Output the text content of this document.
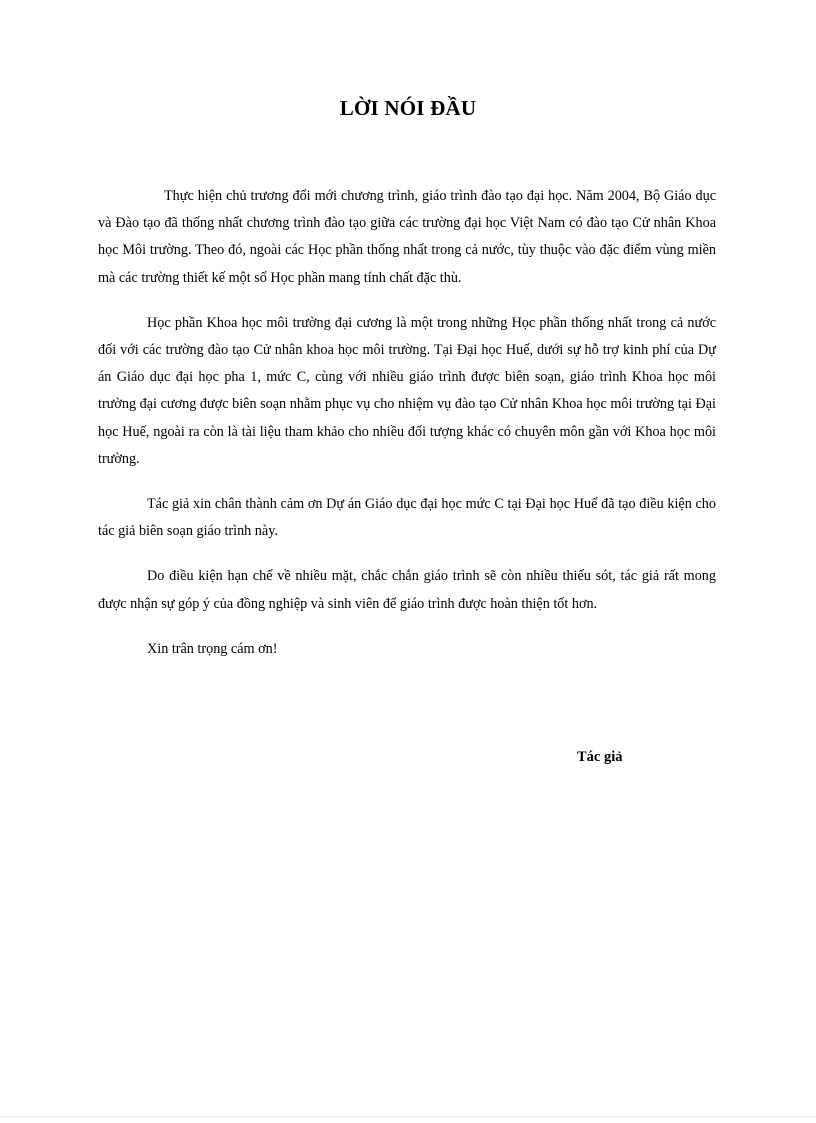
LỜI NÓI ĐẦU

Thực hiện chủ trương đổi mới chương trình, giáo trình đào tạo đại học. Năm 2004, Bộ Giáo dục và Đào tạo đã thống nhất chương trình đào tạo giữa các trường đại học Việt Nam có đào tạo Cử nhân Khoa học Môi trường. Theo đó, ngoài các Học phần thống nhất trong cả nước, tùy thuộc vào đặc điểm vùng miền mà các trường thiết kế một số Học phần mang tính chất đặc thù.

Học phần Khoa học môi trường đại cương là một trong những Học phần thống nhất trong cả nước đối với các trường đào tạo Cử nhân khoa học môi trường. Tại Đại học Huế, dưới sự hỗ trợ kinh phí của Dự án Giáo dục đại học pha 1, mức C, cùng với nhiều giáo trình được biên soạn, giáo trình Khoa học môi trường đại cương được biên soạn nhằm phục vụ cho nhiệm vụ đào tạo Cử nhân Khoa học môi trường tại Đại học Huế, ngoài ra còn là tài liệu tham khảo cho nhiều đối tượng khác có chuyên môn gần với Khoa học môi trường.

Tác giả xin chân thành cảm ơn Dự án Giáo dục đại học mức C tại Đại học Huế đã tạo điều kiện cho tác giả biên soạn giáo trình này.

Do điều kiện hạn chế về nhiều mặt, chắc chắn giáo trình sẽ còn nhiều thiếu sót, tác giả rất mong được nhận sự góp ý của đồng nghiệp và sinh viên để giáo trình được hoàn thiện tốt hơn.

Xin trân trọng cám ơn!

Tác giả
